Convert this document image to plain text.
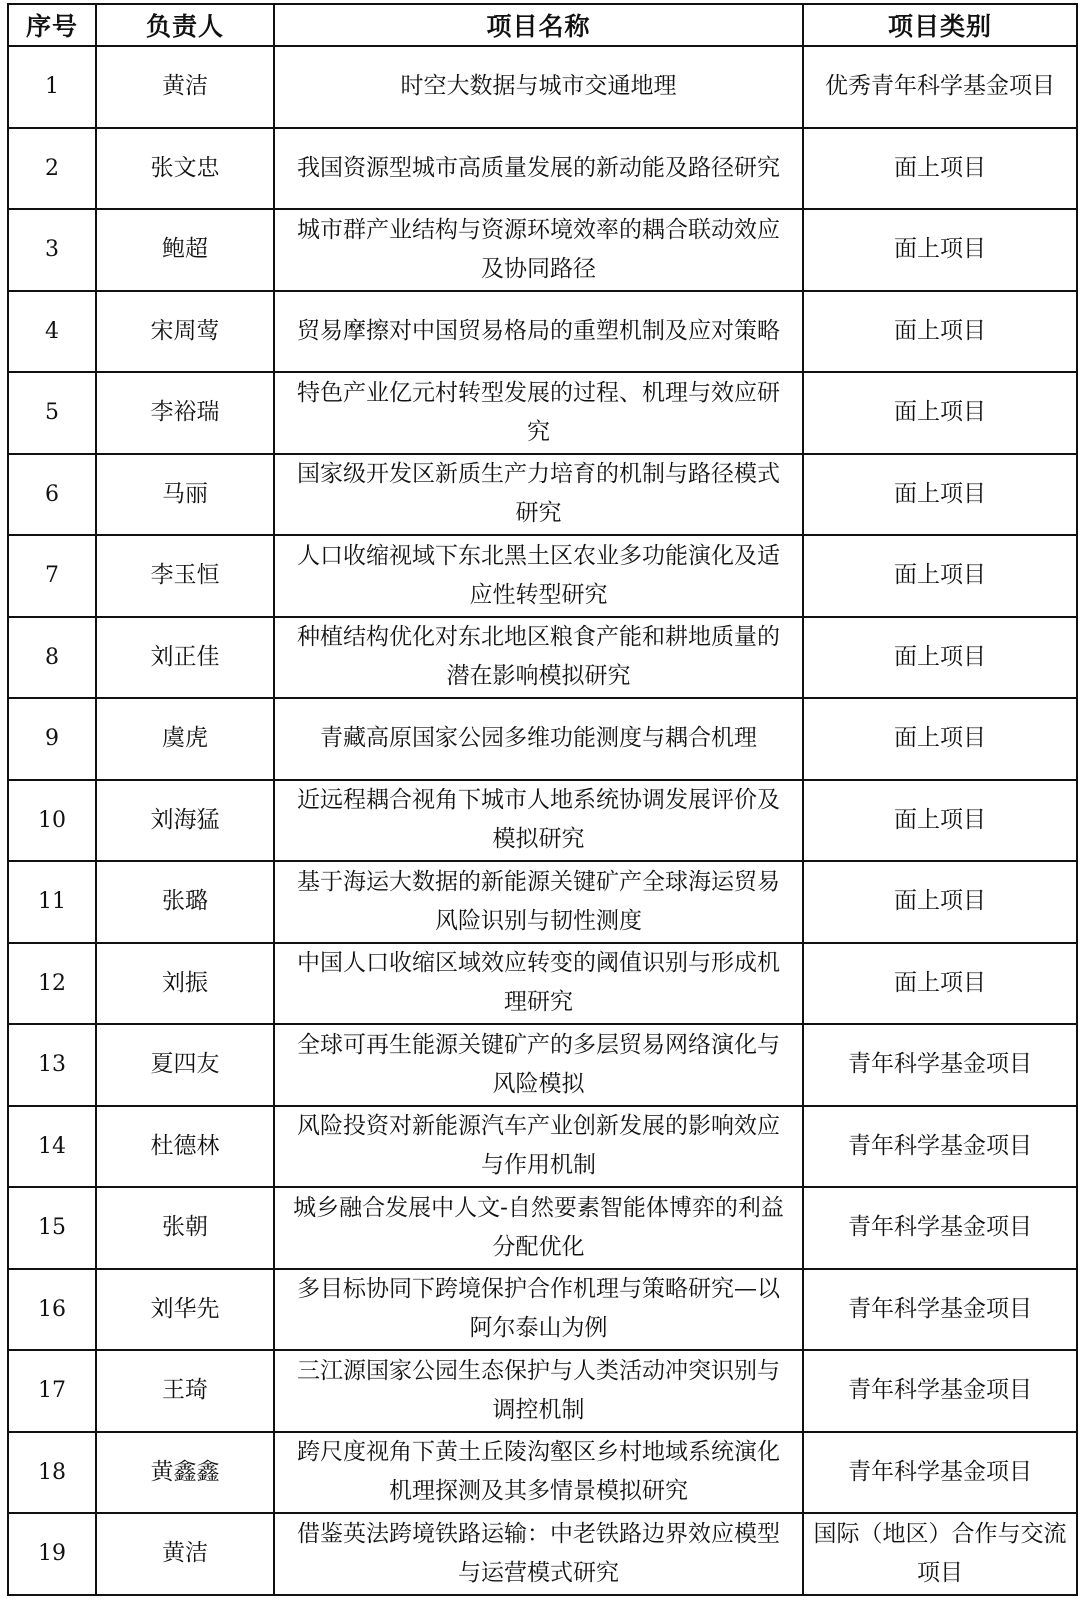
序号	负责人	项目名称	项目类别
1	黄洁	时空大数据与城市交通地理	优秀青年科学基金项目
2	张文忠	我国资源型城市高质量发展的新动能及路径研究	面上项目
3	鲍超	城市群产业结构与资源环境效率的耦合联动效应及协同路径	面上项目
4	宋周莺	贸易摩擦对中国贸易格局的重塑机制及应对策略	面上项目
5	李裕瑞	特色产业亿元村转型发展的过程、机理与效应研究	面上项目
6	马丽	国家级开发区新质生产力培育的机制与路径模式研究	面上项目
7	李玉恒	人口收缩视域下东北黑土区农业多功能演化及适应性转型研究	面上项目
8	刘正佳	种植结构优化对东北地区粮食产能和耕地质量的潜在影响模拟研究	面上项目
9	虞虎	青藏高原国家公园多维功能测度与耦合机理	面上项目
10	刘海猛	近远程耦合视角下城市人地系统协调发展评价及模拟研究	面上项目
11	张璐	基于海运大数据的新能源关键矿产全球海运贸易风险识别与韧性测度	面上项目
12	刘振	中国人口收缩区域效应转变的阈值识别与形成机理研究	面上项目
13	夏四友	全球可再生能源关键矿产的多层贸易网络演化与风险模拟	青年科学基金项目
14	杜德林	风险投资对新能源汽车产业创新发展的影响效应与作用机制	青年科学基金项目
15	张朝	城乡融合发展中人文-自然要素智能体博弈的利益分配优化	青年科学基金项目
16	刘华先	多目标协同下跨境保护合作机理与策略研究—以阿尔泰山为例	青年科学基金项目
17	王琦	三江源国家公园生态保护与人类活动冲突识别与调控机制	青年科学基金项目
18	黄鑫鑫	跨尺度视角下黄土丘陵沟壑区乡村地域系统演化机理探测及其多情景模拟研究	青年科学基金项目
19	黄洁	借鉴英法跨境铁路运输：中老铁路边界效应模型与运营模式研究	国际（地区）合作与交流项目
